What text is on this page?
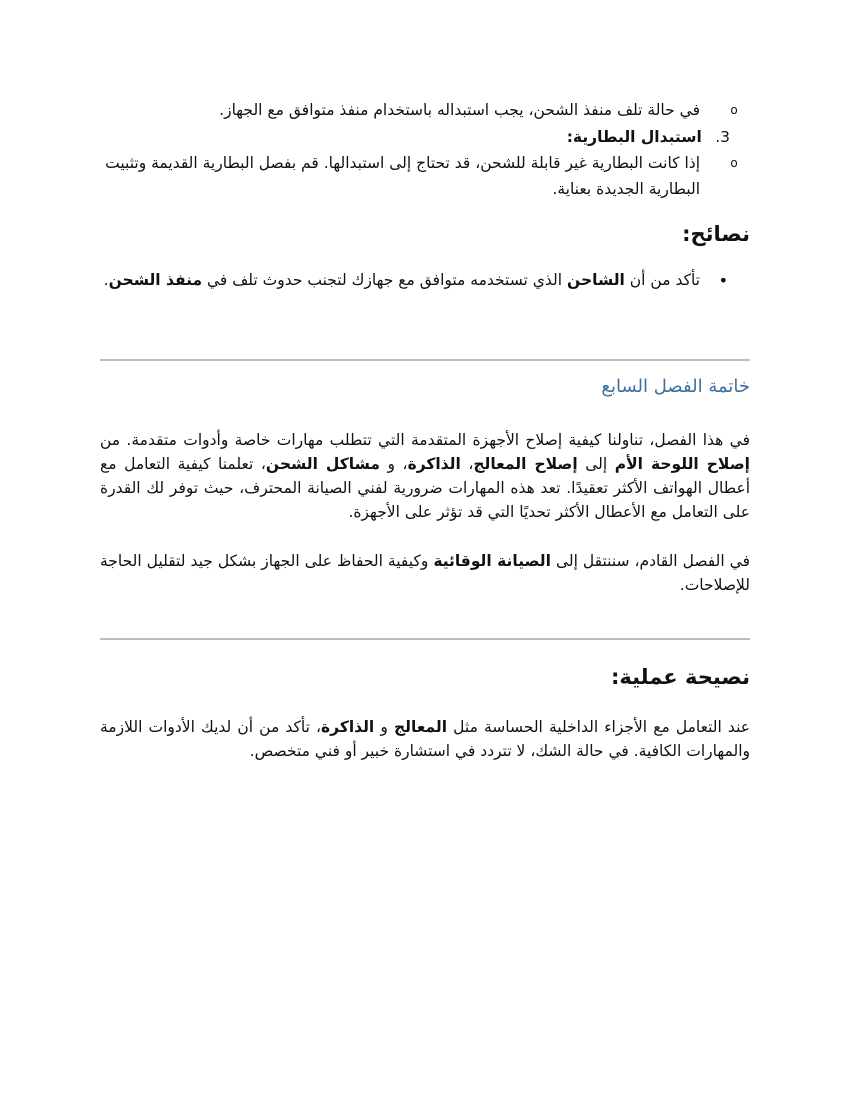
o
في حالة تلف منفذ الشحن، يجب استبداله باستخدام منفذ متوافق مع الجهاز.
3. استبدال البطارية:
o
إذا كانت البطارية غير قابلة للشحن، قد تحتاج إلى استبدالها. قم بفصل البطارية القديمة وتثبيت البطارية الجديدة بعناية.
نصائح:
•
تأكد من أن الشاحن الذي تستخدمه متوافق مع جهازك لتجنب حدوث تلف في منفذ الشحن.
خاتمة الفصل السابع

في هذا الفصل، تناولنا كيفية إصلاح الأجهزة المتقدمة التي تتطلب مهارات خاصة وأدوات متقدمة. من إصلاح اللوحة الأم إلى إصلاح المعالج، الذاكرة، و مشاكل الشحن، تعلمنا كيفية التعامل مع أعطال الهواتف الأكثر تعقيدًا. تعد هذه المهارات ضرورية لفني الصيانة المحترف، حيث توفر لك القدرة على التعامل مع الأعطال الأكثر تحديًا التي قد تؤثر على الأجهزة.

في الفصل القادم، سننتقل إلى الصيانة الوقائية وكيفية الحفاظ على الجهاز بشكل جيد لتقليل الحاجة للإصلاحات.

نصيحة عملية:

عند التعامل مع الأجزاء الداخلية الحساسة مثل المعالج و الذاكرة، تأكد من أن لديك الأدوات اللازمة والمهارات الكافية. في حالة الشك، لا تتردد في استشارة خبير أو فني متخصص.
